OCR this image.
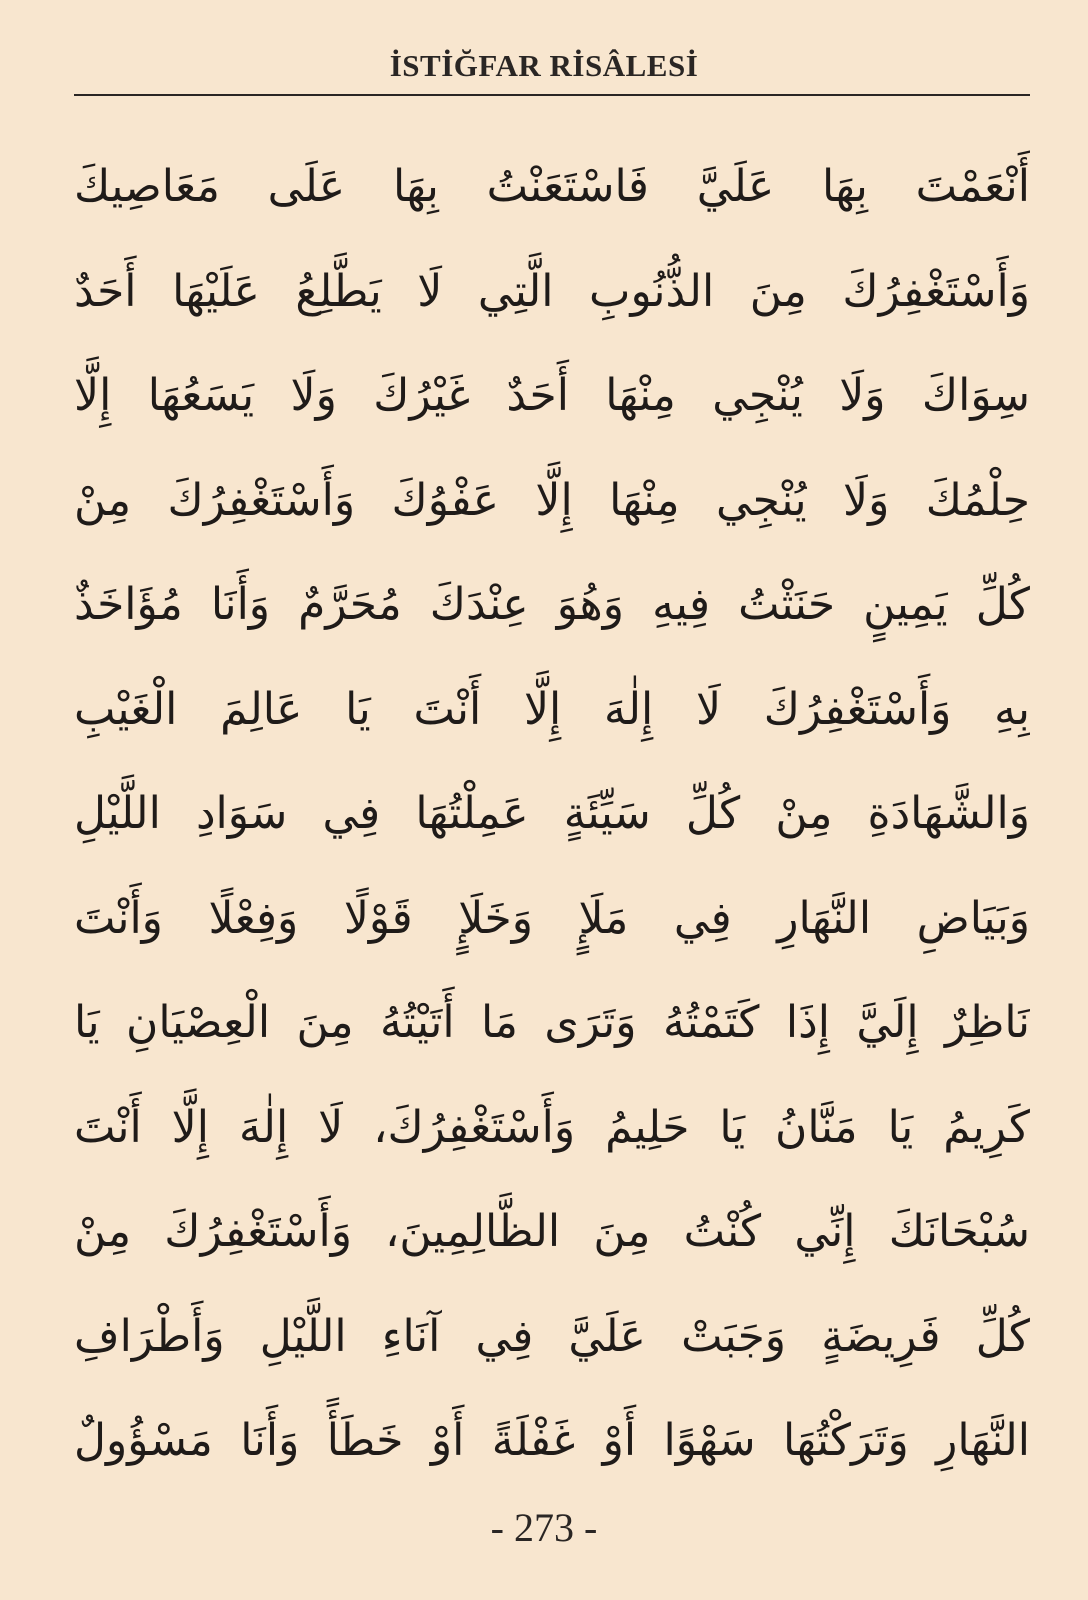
İSTİĞFAR RİSÂLESİ
أَنْعَمْتَ بِهَا عَلَيَّ فَاسْتَعَنْتُ بِهَا عَلَى مَعَاصِيكَ
وَأَسْتَغْفِرُكَ مِنَ الذُّنُوبِ الَّتِي لَا يَطَّلِعُ عَلَيْهَا أَحَدٌ
سِوَاكَ وَلَا يُنْجِي مِنْهَا أَحَدٌ غَيْرُكَ وَلَا يَسَعُهَا إِلَّا
حِلْمُكَ وَلَا يُنْجِي مِنْهَا إِلَّا عَفْوُكَ وَأَسْتَغْفِرُكَ مِنْ
كُلِّ يَمِينٍ حَنَثْتُ فِيهِ وَهُوَ عِنْدَكَ مُحَرَّمٌ وَأَنَا مُؤَاخَذٌ
بِهِ وَأَسْتَغْفِرُكَ لَا إِلٰهَ إِلَّا أَنْتَ يَا عَالِمَ الْغَيْبِ
وَالشَّهَادَةِ مِنْ كُلِّ سَيِّئَةٍ عَمِلْتُهَا فِي سَوَادِ اللَّيْلِ
وَبَيَاضِ النَّهَارِ فِي مَلَإٍ وَخَلَإٍ قَوْلًا وَفِعْلًا وَأَنْتَ
نَاظِرٌ إِلَيَّ إِذَا كَتَمْتُهُ وَتَرَى مَا أَتَيْتُهُ مِنَ الْعِصْيَانِ يَا
كَرِيمُ يَا مَنَّانُ يَا حَلِيمُ وَأَسْتَغْفِرُكَ، لَا إِلٰهَ إِلَّا أَنْتَ
سُبْحَانَكَ إِنِّي كُنْتُ مِنَ الظَّالِمِينَ، وَأَسْتَغْفِرُكَ مِنْ
كُلِّ فَرِيضَةٍ وَجَبَتْ عَلَيَّ فِي آنَاءِ اللَّيْلِ وَأَطْرَافِ
النَّهَارِ وَتَرَكْتُهَا سَهْوًا أَوْ غَفْلَةً أَوْ خَطَأً وَأَنَا مَسْؤُولٌ
- 273 -
